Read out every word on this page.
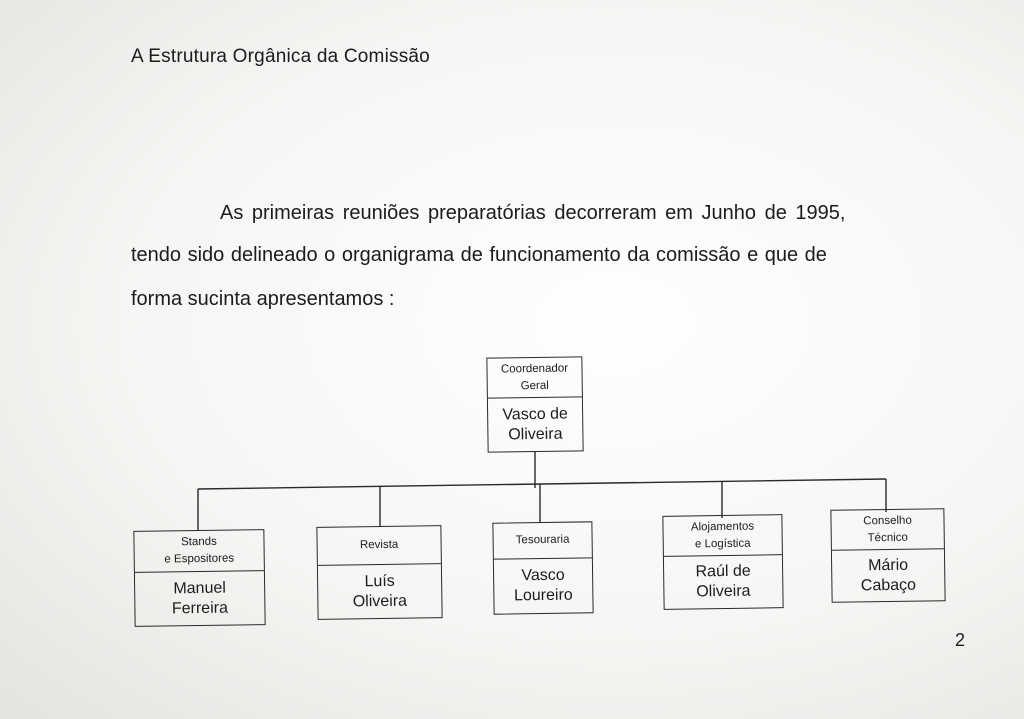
A Estrutura Orgânica da Comissão
As primeiras reuniões preparatórias decorreram em Junho de 1995,
tendo sido delineado o organigrama de funcionamento da comissão e que de
forma sucinta apresentamos :
Coordenador
Geral
Vasco de
Oliveira
Stands
e Espositores
Manuel
Ferreira
Revista
Luís
Oliveira
Tesouraria
Vasco
Loureiro
Alojamentos
e Logística
Raúl de
Oliveira
Conselho
Técnico
Mário
Cabaço
2
